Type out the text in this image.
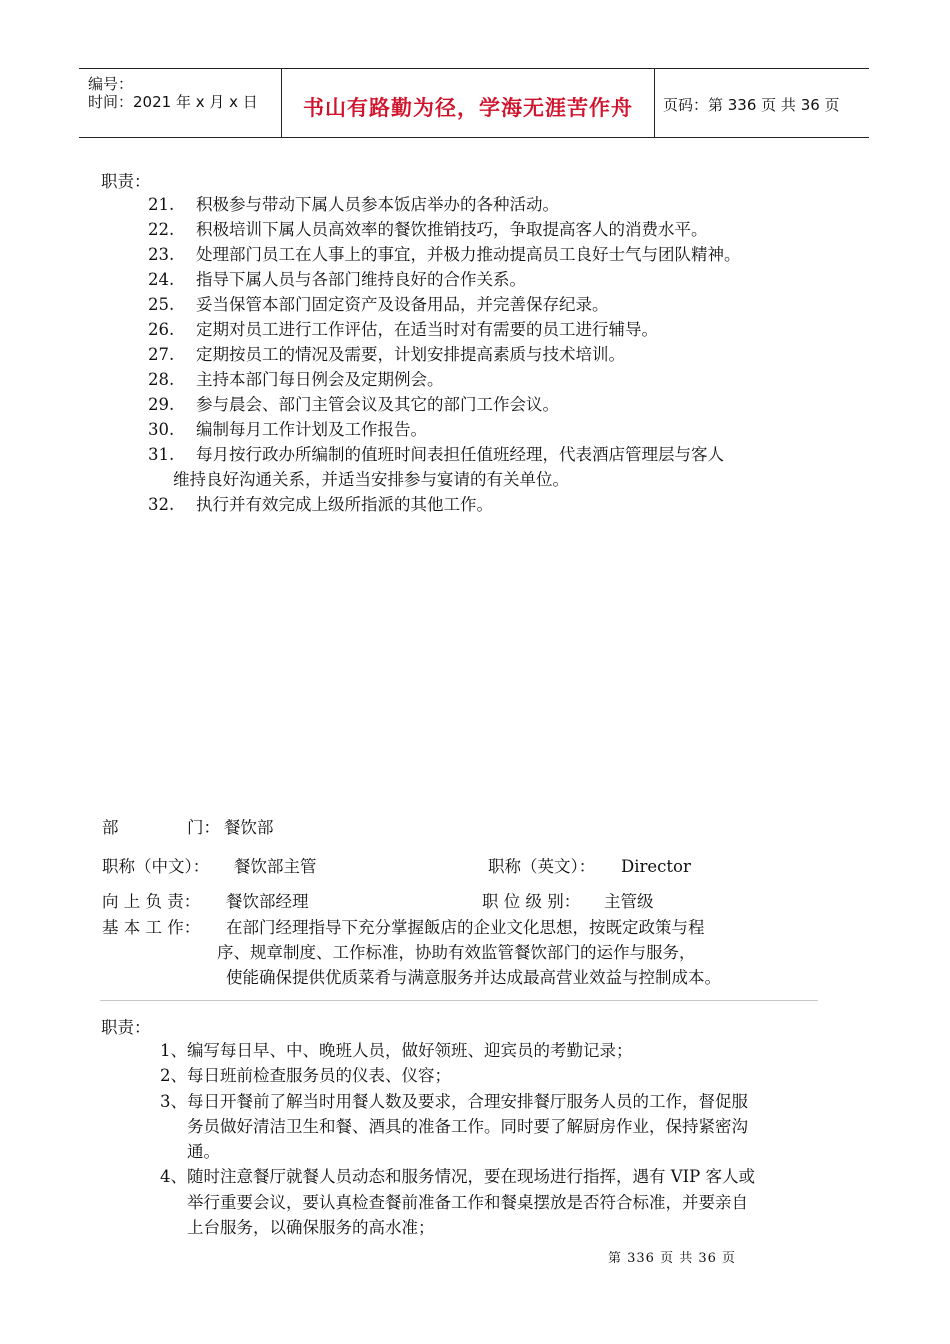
编号：
时间：2021 年 x 月 x 日	书山有路勤为径，学海无涯苦作舟	页码：第 336 页 共 36 页
职责：
21. 积极参与带动下属人员参本饭店举办的各种活动。
22. 积极培训下属人员高效率的餐饮推销技巧，争取提高客人的消费水平。
23. 处理部门员工在人事上的事宜，并极力推动提高员工良好士气与团队精神。
24. 指导下属人员与各部门维持良好的合作关系。
25. 妥当保管本部门固定资产及设备用品，并完善保存纪录。
26. 定期对员工进行工作评估，在适当时对有需要的员工进行辅导。
27. 定期按员工的情况及需要，计划安排提高素质与技术培训。
28. 主持本部门每日例会及定期例会。
29. 参与晨会、部门主管会议及其它的部门工作会议。
30. 编制每月工作计划及工作报告。
31. 每月按行政办所编制的值班时间表担任值班经理，代表酒店管理层与客人
维持良好沟通关系，并适当安排参与宴请的有关单位。
32. 执行并有效完成上级所指派的其他工作。
部	门： 餐饮部
职称（中文）： 餐饮部主管	职称（英文）： Director
向 上 负 责： 餐饮部经理	职 位 级 别： 主管级
基 本 工 作： 在部门经理指导下充分掌握飯店的企业文化思想，按既定政策与程
序、规章制度、工作标准，协助有效监管餐饮部门的运作与服务，
使能确保提供优质菜肴与满意服务并达成最高营业效益与控制成本。
职责：
1、编写每日早、中、晚班人员，做好领班、迎宾员的考勤记录；
2、每日班前检查服务员的仪表、仪容；
3、每日开餐前了解当时用餐人数及要求，合理安排餐厅服务人员的工作，督促服
务员做好清洁卫生和餐、酒具的准备工作。同时要了解厨房作业，保持紧密沟
通。
4、随时注意餐厅就餐人员动态和服务情况，要在现场进行指挥，遇有 VIP 客人或
举行重要会议，要认真检查餐前准备工作和餐桌摆放是否符合标准，并要亲自
上台服务，以确保服务的高水准；
第 336 页 共 36 页
